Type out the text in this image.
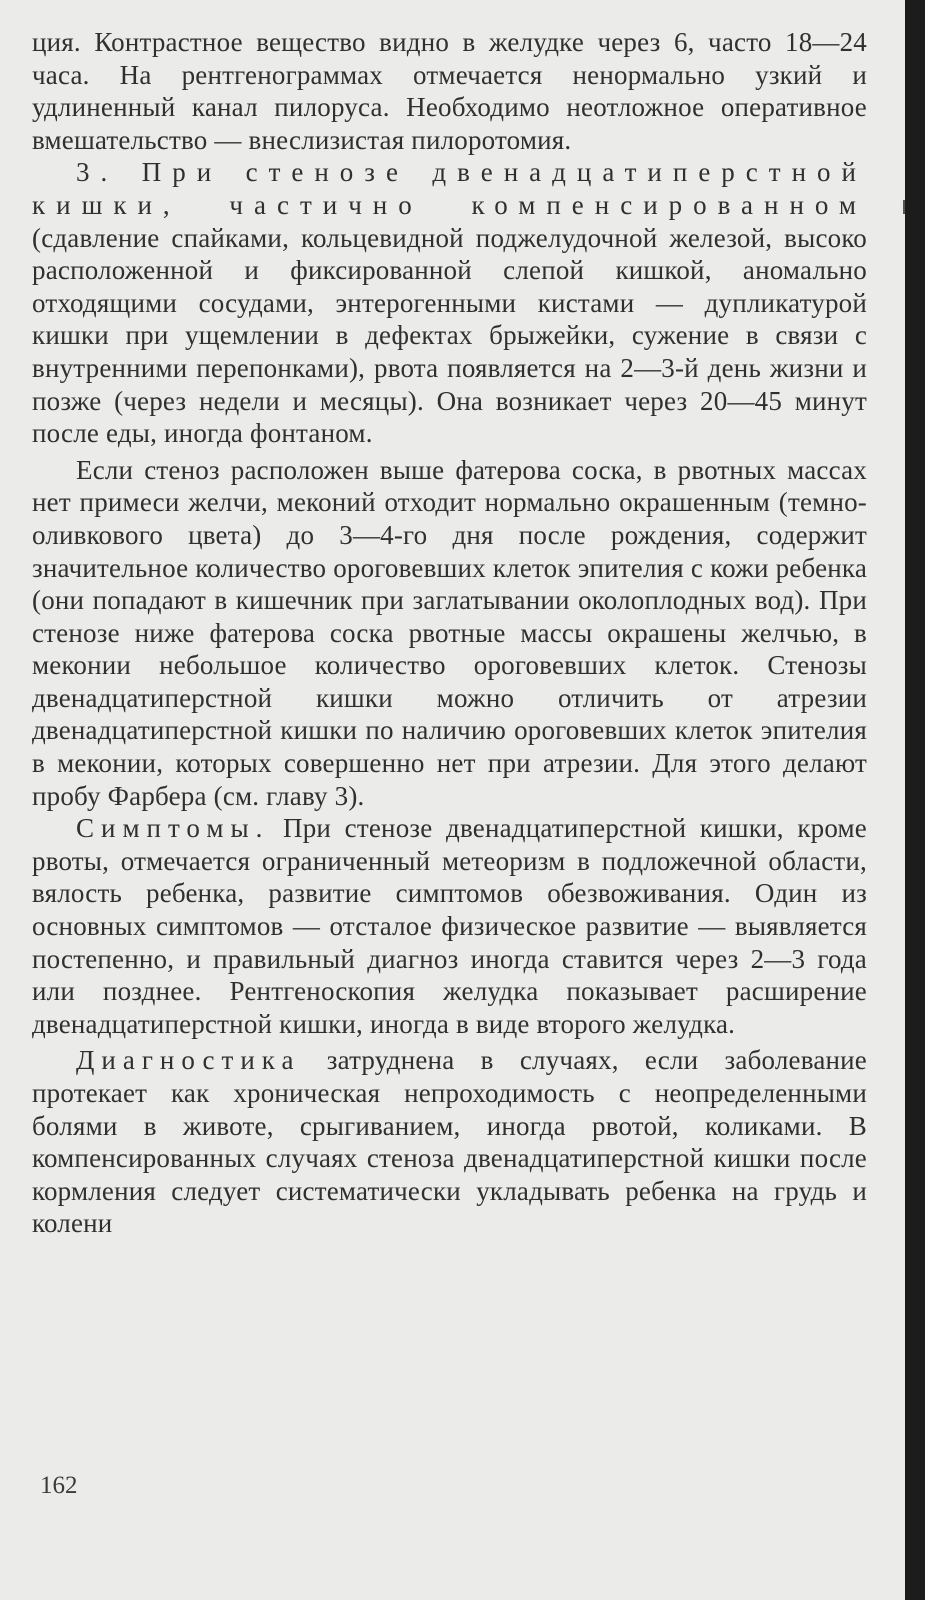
ция. Контрастное вещество видно в желудке через 6, часто 18—24 часа. На рентгенограммах отмечается ненормально узкий и удлиненный канал пилоруса. Необходимо неотложное оперативное вмешательство — внеслизистая пилоротомия.

3. При стенозе двенадцатиперстной кишки, частично компенсированном (сдавление спайками, кольцевидной поджелудочной железой, высоко расположенной и фиксированной слепой кишкой, аномально отходящими сосудами, энтерогенными кистами — дупликатурой кишки при ущемлении в дефектах брыжейки, сужение в связи с внутренними перепонками), рвота появляется на 2—3-й день жизни и позже (через недели и месяцы). Она возникает через 20—45 минут после еды, иногда фонтаном.

Если стеноз расположен выше фатерова соска, в рвотных массах нет примеси желчи, меконий отходит нормально окрашенным (темно-оливкового цвета) до 3—4-го дня после рождения, содержит значительное количество ороговевших клеток эпителия с кожи ребенка (они попадают в кишечник при заглатывании околоплодных вод). При стенозе ниже фатерова соска рвотные массы окрашены желчью, в меконии небольшое количество ороговевших клеток. Стенозы двенадцатиперстной кишки можно отличить от атрезии двенадцатиперстной кишки по наличию ороговевших клеток эпителия в меконии, которых совершенно нет при атрезии. Для этого делают пробу Фарбера (см. главу 3).

Симптомы. При стенозе двенадцатиперстной кишки, кроме рвоты, отмечается ограниченный метеоризм в подложечной области, вялость ребенка, развитие симптомов обезвоживания. Один из основных симптомов — отсталое физическое развитие — выявляется постепенно, и правильный диагноз иногда ставится через 2—3 года или позднее. Рентгеноскопия желудка показывает расширение двенадцатиперстной кишки, иногда в виде второго желудка.

Диагностика затруднена в случаях, если заболевание протекает как хроническая непроходимость с неопределенными болями в животе, срыгиванием, иногда рвотой, коликами. В компенсированных случаях стеноза двенадцатиперстной кишки после кормления следует систематически укладывать ребенка на грудь и колени

162
